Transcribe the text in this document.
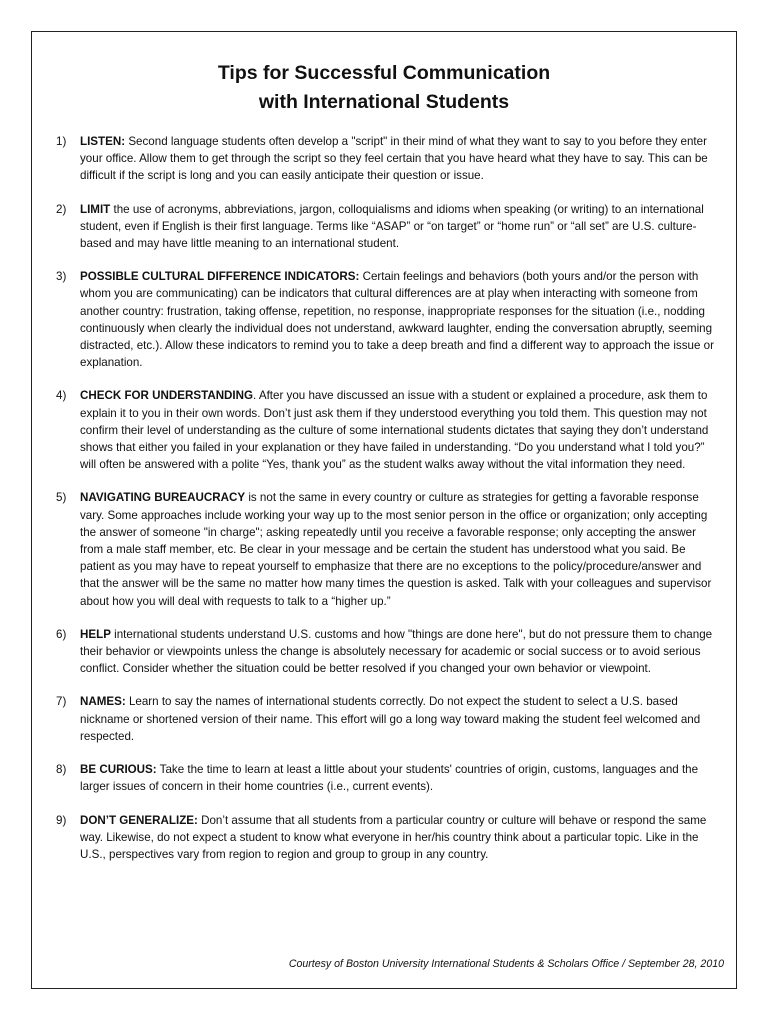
Tips for Successful Communication
with International Students
1) LISTEN: Second language students often develop a "script" in their mind of what they want to say to you before they enter your office. Allow them to get through the script so they feel certain that you have heard what they have to say. This can be difficult if the script is long and you can easily anticipate their question or issue.
2) LIMIT the use of acronyms, abbreviations, jargon, colloquialisms and idioms when speaking (or writing) to an international student, even if English is their first language. Terms like “ASAP” or “on target” or “home run” or “all set” are U.S. culture-based and may have little meaning to an international student.
3) POSSIBLE CULTURAL DIFFERENCE INDICATORS: Certain feelings and behaviors (both yours and/or the person with whom you are communicating) can be indicators that cultural differences are at play when interacting with someone from another country: frustration, taking offense, repetition, no response, inappropriate responses for the situation (i.e., nodding continuously when clearly the individual does not understand, awkward laughter, ending the conversation abruptly, seeming distracted, etc.). Allow these indicators to remind you to take a deep breath and find a different way to approach the issue or explanation.
4) CHECK FOR UNDERSTANDING. After you have discussed an issue with a student or explained a procedure, ask them to explain it to you in their own words. Don’t just ask them if they understood everything you told them. This question may not confirm their level of understanding as the culture of some international students dictates that saying they don’t understand shows that either you failed in your explanation or they have failed in understanding. “Do you understand what I told you?” will often be answered with a polite “Yes, thank you” as the student walks away without the vital information they need.
5) NAVIGATING BUREAUCRACY is not the same in every country or culture as strategies for getting a favorable response vary. Some approaches include working your way up to the most senior person in the office or organization; only accepting the answer of someone "in charge"; asking repeatedly until you receive a favorable response; only accepting the answer from a male staff member, etc. Be clear in your message and be certain the student has understood what you said. Be patient as you may have to repeat yourself to emphasize that there are no exceptions to the policy/procedure/answer and that the answer will be the same no matter how many times the question is asked. Talk with your colleagues and supervisor about how you will deal with requests to talk to a “higher up.”
6) HELP international students understand U.S. customs and how "things are done here", but do not pressure them to change their behavior or viewpoints unless the change is absolutely necessary for academic or social success or to avoid serious conflict. Consider whether the situation could be better resolved if you changed your own behavior or viewpoint.
7) NAMES: Learn to say the names of international students correctly. Do not expect the student to select a U.S. based nickname or shortened version of their name. This effort will go a long way toward making the student feel welcomed and respected.
8) BE CURIOUS: Take the time to learn at least a little about your students' countries of origin, customs, languages and the larger issues of concern in their home countries (i.e., current events).
9) DON’T GENERALIZE: Don’t assume that all students from a particular country or culture will behave or respond the same way. Likewise, do not expect a student to know what everyone in her/his country think about a particular topic. Like in the U.S., perspectives vary from region to region and group to group in any country.
Courtesy of Boston University International Students & Scholars Office / September 28, 2010
